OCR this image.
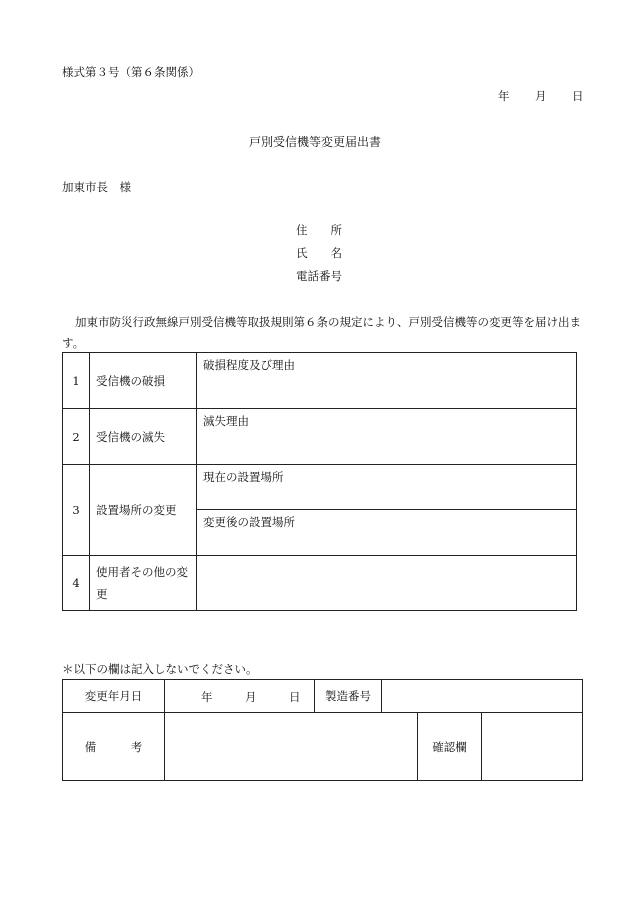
様式第３号（第６条関係）
年 月 日
戸別受信機等変更届出書
加東市長　様
住　　所
氏　　名
電話番号
加東市防災行政無線戸別受信機等取扱規則第６条の規定により、戸別受信機等の変更等を届け出ます。
1	受信機の破損	破損程度及び理由
2	受信機の滅失	滅失理由
3	設置場所の変更	現在の設置場所
		変更後の設置場所
4	使用者その他の変更	
＊以下の欄は記入しないでください。
変更年月日	年 月 日	製造番号			
備　　　考				確認欄	
